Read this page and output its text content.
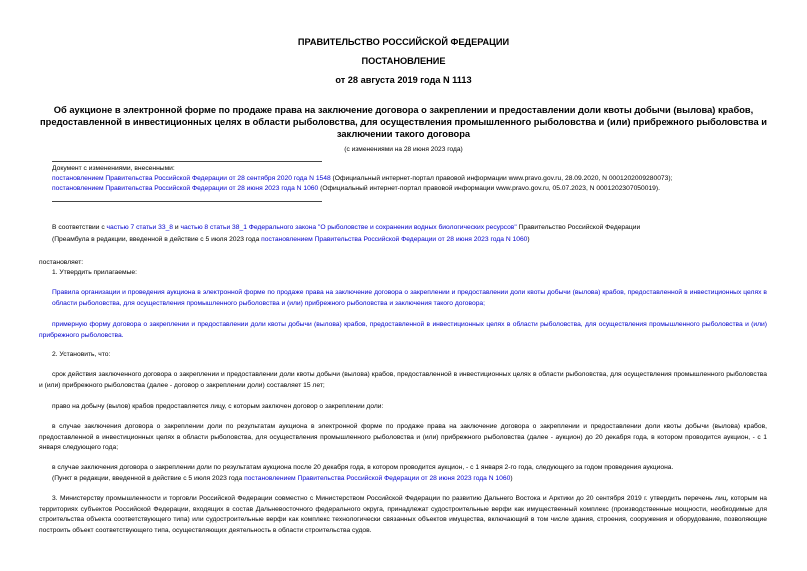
ПРАВИТЕЛЬСТВО РОССИЙСКОЙ ФЕДЕРАЦИИ
ПОСТАНОВЛЕНИЕ
от 28 августа 2019 года N 1113
Об аукционе в электронной форме по продаже права на заключение договора о закреплении и предоставлении доли квоты добычи (вылова) крабов, предоставленной в инвестиционных целях в области рыболовства, для осуществления промышленного рыболовства и (или) прибрежного рыболовства и заключении такого договора
(с изменениями на 28 июня 2023 года)
Документ с изменениями, внесенными:
постановлением Правительства Российской Федерации от 28 сентября 2020 года N 1548 (Официальный интернет-портал правовой информации www.pravo.gov.ru, 28.09.2020, N 0001202009280073);
постановлением Правительства Российской Федерации от 28 июня 2023 года N 1060 (Официальный интернет-портал правовой информации www.pravo.gov.ru, 05.07.2023, N 0001202307050019).
В соответствии с частью 7 статьи 33_8 и частью 8 статьи 38_1 Федерального закона "О рыболовстве и сохранении водных биологических ресурсов" Правительство Российской Федерации
(Преамбула в редакции, введенной в действие с 5 июля 2023 года постановлением Правительства Российской Федерации от 28 июня 2023 года N 1060)
постановляет:
1. Утвердить прилагаемые:
Правила организации и проведения аукциона в электронной форме по продаже права на заключение договора о закреплении и предоставлении доли квоты добычи (вылова) крабов, предоставленной в инвестиционных целях в области рыболовства, для осуществления промышленного рыболовства и (или) прибрежного рыболовства и заключения такого договора;
примерную форму договора о закреплении и предоставлении доли квоты добычи (вылова) крабов, предоставленной в инвестиционных целях в области рыболовства, для осуществления промышленного рыболовства и (или) прибрежного рыболовства.
2. Установить, что:
срок действия заключенного договора о закреплении и предоставлении доли квоты добычи (вылова) крабов, предоставленной в инвестиционных целях в области рыболовства, для осуществления промышленного рыболовства и (или) прибрежного рыболовства (далее - договор о закреплении доли) составляет 15 лет;
право на добычу (вылов) крабов предоставляется лицу, с которым заключен договор о закреплении доли:
в случае заключения договора о закреплении доли по результатам аукциона в электронной форме по продаже права на заключение договора о закреплении и предоставлении доли квоты добычи (вылова) крабов, предоставленной в инвестиционных целях в области рыболовства, для осуществления промышленного рыболовства и (или) прибрежного рыболовства (далее - аукцион) до 20 декабря года, в котором проводится аукцион, - с 1 января следующего года;
в случае заключения договора о закреплении доли по результатам аукциона после 20 декабря года, в котором проводится аукцион, - с 1 января 2-го года, следующего за годом проведения аукциона.
(Пункт в редакции, введенной в действие с 5 июля 2023 года постановлением Правительства Российской Федерации от 28 июня 2023 года N 1060)
3. Министерству промышленности и торговли Российской Федерации совместно с Министерством Российской Федерации по развитию Дальнего Востока и Арктики до 20 сентября 2019 г. утвердить перечень лиц, которым на территориях субъектов Российской Федерации, входящих в состав Дальневосточного федерального округа, принадлежат судостроительные верфи как имущественный комплекс (производственные мощности, необходимые для строительства объекта соответствующего типа) или судостроительные верфи как комплекс технологически связанных объектов имущества, включающий в том числе здания, строения, сооружения и оборудование, позволяющие построить объект соответствующего типа, осуществляющих деятельность в области строительства судов.
